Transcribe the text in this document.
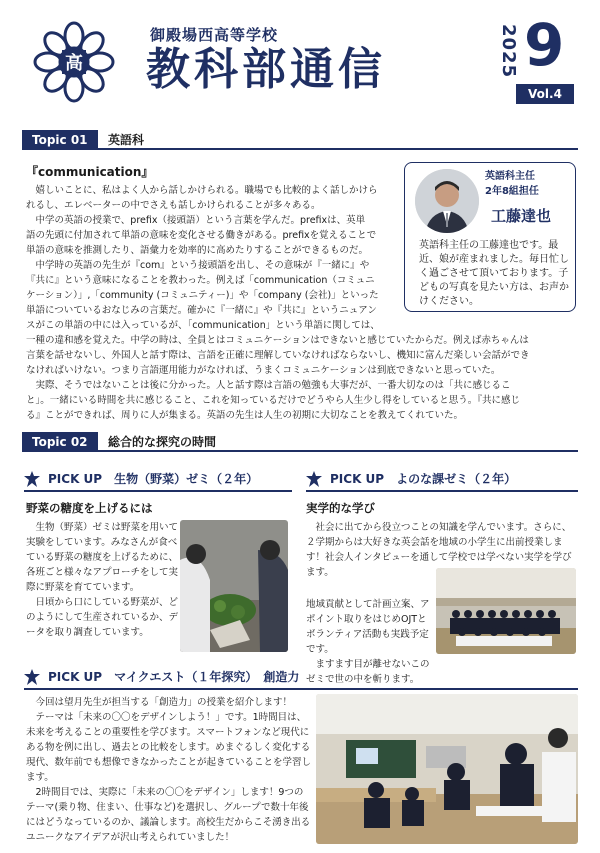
高
御殿場西高等学校
教科部通信	2025 9
Vol.4
Topic 01	英語科
『communication』
　嬉しいことに、私はよく人から話しかけられる。職場でも比較的よく話しかけら
れるし、エレベーターの中でさえも話しかけられることが多々ある。
　中学の英語の授業で、prefix（接頭語）という言葉を学んだ。prefixは、英単
語の先頭に付加されて単語の意味を変化させる働きがある。prefixを覚えることで
単語の意味を推測したり、語彙力を効率的に高めたりすることができるものだ。
　中学時の英語の先生が『com』という接頭語を出し、その意味が『一緒に』や
『共に』という意味になることを教わった。例えば「communication（コミュニ
ケーション）」,「community (コミュニティー)」や「company (会社)」といった
単語についているおなじみの言葉だ。確かに『一緒に』や『共に』というニュアン
スがこの単語の中には入っているが、「communication」という単語に関しては、
一種の違和感を覚えた。中学の時は、全員とはコミュニケーションはできないと感じていたからだ。例えば赤ちゃんは
言葉を話せないし、外国人と話す際は、言語を正確に理解していなければならないし、機知に富んだ楽しい会話ができ
なければいけない。つまり言語運用能力がなければ、うまくコミュニケーションは到底できないと思っていた。
　実際、そうではないことは後に分かった。人と話す際は言語の勉強も大事だが、一番大切なのは「共に感じるこ
と」。一緒にいる時間を共に感じること、これを知っているだけでどうやら人生少し得をしていると思う。『共に感じ
る』ことができれば、周りに人が集まる。英語の先生は人生の初期に大切なことを教えてくれていた。
英語科主任
2年8組担任
工藤達也
英語科主任の工藤達也です。最近、娘が産まれました。毎日忙しく過ごさせて頂いております。子どもの写真を見たい方は、お声かけください。
Topic 02	総合的な探究の時間
PICK UP　生物（野菜）ゼミ（２年）
野菜の糖度を上げるには
　生物（野菜）ゼミは野菜を用いて実験をしています。みなさんが食べている野菜の糖度を上げるために、各班ごと様々なアプローチをして実際に野菜を育てています。
　日頃から口にしている野菜が、どのようにして生産されているか、データを取り調査しています。
PICK UP　よのな課ゼミ（２年）
実学的な学び
　社会に出てから役立つことの知識を学んでいます。さらに、２学期からは大好きな英会話を地域の小学生に出前授業します！社会人インタビューを通して学校では学べない実学を学びます。
地域貢献として計画立案、アポイント取りをはじめOJTとボランティア活動も実践予定です。
　ますます目が離せないこのゼミで世の中を斬ります。
PICK UP　マイクエスト（１年探究）　創造力
　今回は望月先生が担当する「創造力」の授業を紹介します！
　テーマは「未来の〇〇をデザインしよう！」です。1時間目は、未来を考えることの重要性を学びます。スマートフォンなど現代にある物を例に出し、過去との比較をします。めまぐるしく変化する現代、数年前でも想像できなかったことが起きていることを学習します。
　2時間目では、実際に「未来の〇〇をデザイン」します！9つのテーマ(乗り物、住まい、仕事など)を選択し、グループで数十年後にはどうなっているのか、議論します。高校生だからこそ湧き出るユニークなアイデアが沢山考えられていました！
